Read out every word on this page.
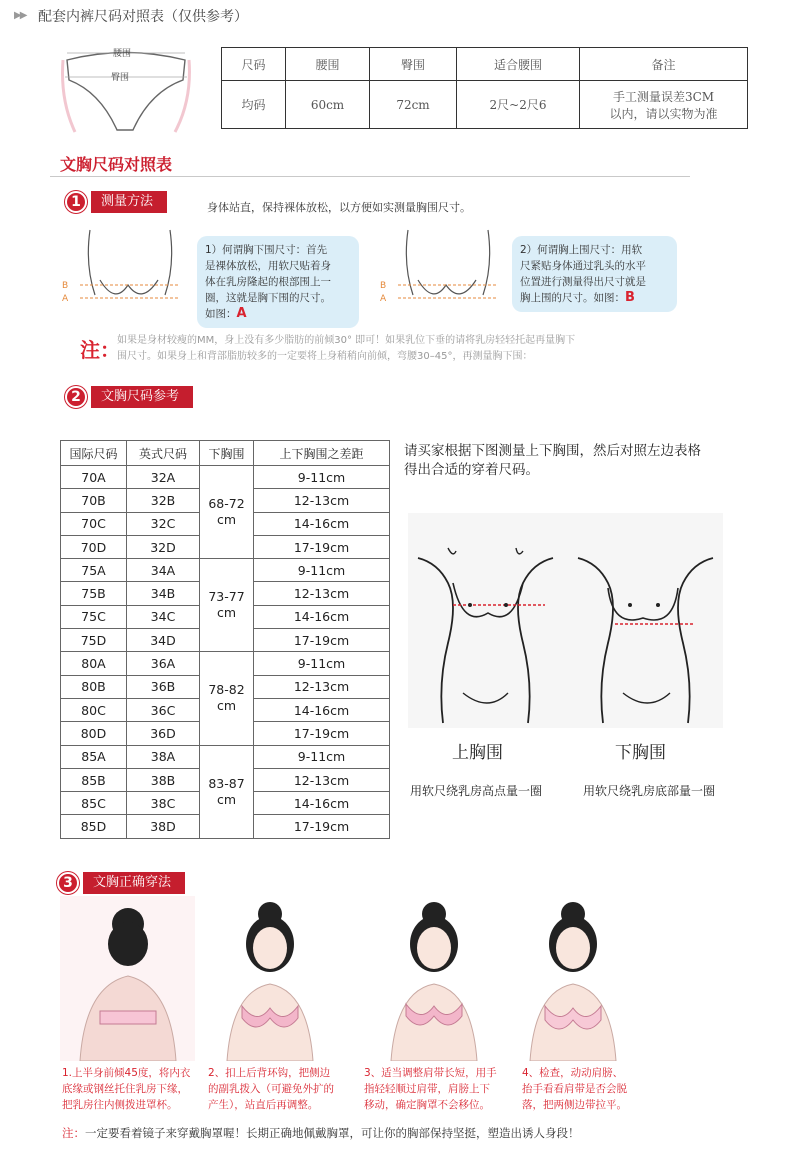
▶▶ 配套内裤尺码对照表（仅供参考）
腰围
臀围
尺码	腰围	臀围	适合腰围	备注
均码	60cm	72cm	2尺~2尺6	手工测量误差3CM
以内，请以实物为准
文胸尺码对照表
1	测量方法	身体站直，保持裸体放松，以方便如实测量胸围尺寸。
B
A
1）何谓胸下围尺寸：首先
是裸体放松，用软尺贴着身
体在乳房隆起的根部围上一
圈，这就是胸下围的尺寸。
如图：A
B
A
2）何谓胸上围尺寸：用软
尺紧贴身体通过乳头的水平
位置进行测量得出尺寸就是
胸上围的尺寸。如图：B
注：
如果是身材较瘦的MM，身上没有多少脂肪的前倾30° 即可！如果乳位下垂的请将乳房轻轻托起再量胸下
围尺寸。如果身上和背部脂肪较多的一定要将上身稍稍向前倾，弯腰30–45°，再测量胸下围：
2	文胸尺码参考
国际尺码	英式尺码	下胸围	上下胸围之差距
70A	32A	68-72
cm	9-11cm
70B	32B		12-13cm
70C	32C		14-16cm
70D	32D		17-19cm
75A	34A	73-77
cm	9-11cm
75B	34B		12-13cm
75C	34C		14-16cm
75D	34D		17-19cm
80A	36A	78-82
cm	9-11cm
80B	36B		12-13cm
80C	36C		14-16cm
80D	36D		17-19cm
85A	38A	83-87
cm	9-11cm
85B	38B		12-13cm
85C	38C		14-16cm
85D	38D		17-19cm
请买家根据下图测量上下胸围，然后对照左边表格
得出合适的穿着尺码。
上胸围	下胸围
用软尺绕乳房高点量一圈	用软尺绕乳房底部量一圈
3	文胸正确穿法
1.上半身前倾45度，将内衣
底缘或钢丝托住乳房下缘，
把乳房往内侧拨进罩杯。
2、扣上后背环钩，把侧边
的副乳拨入（可避免外扩的
产生），站直后再调整。
3、适当调整肩带长短，用手
指轻轻顺过肩带，肩膀上下
移动，确定胸罩不会移位。
4、检查，动动肩膀、
抬手看看肩带是否会脱
落，把两侧边带拉平。
注：一定要看着镜子来穿戴胸罩喔！长期正确地佩戴胸罩，可让你的胸部保持坚挺，塑造出诱人身段！
